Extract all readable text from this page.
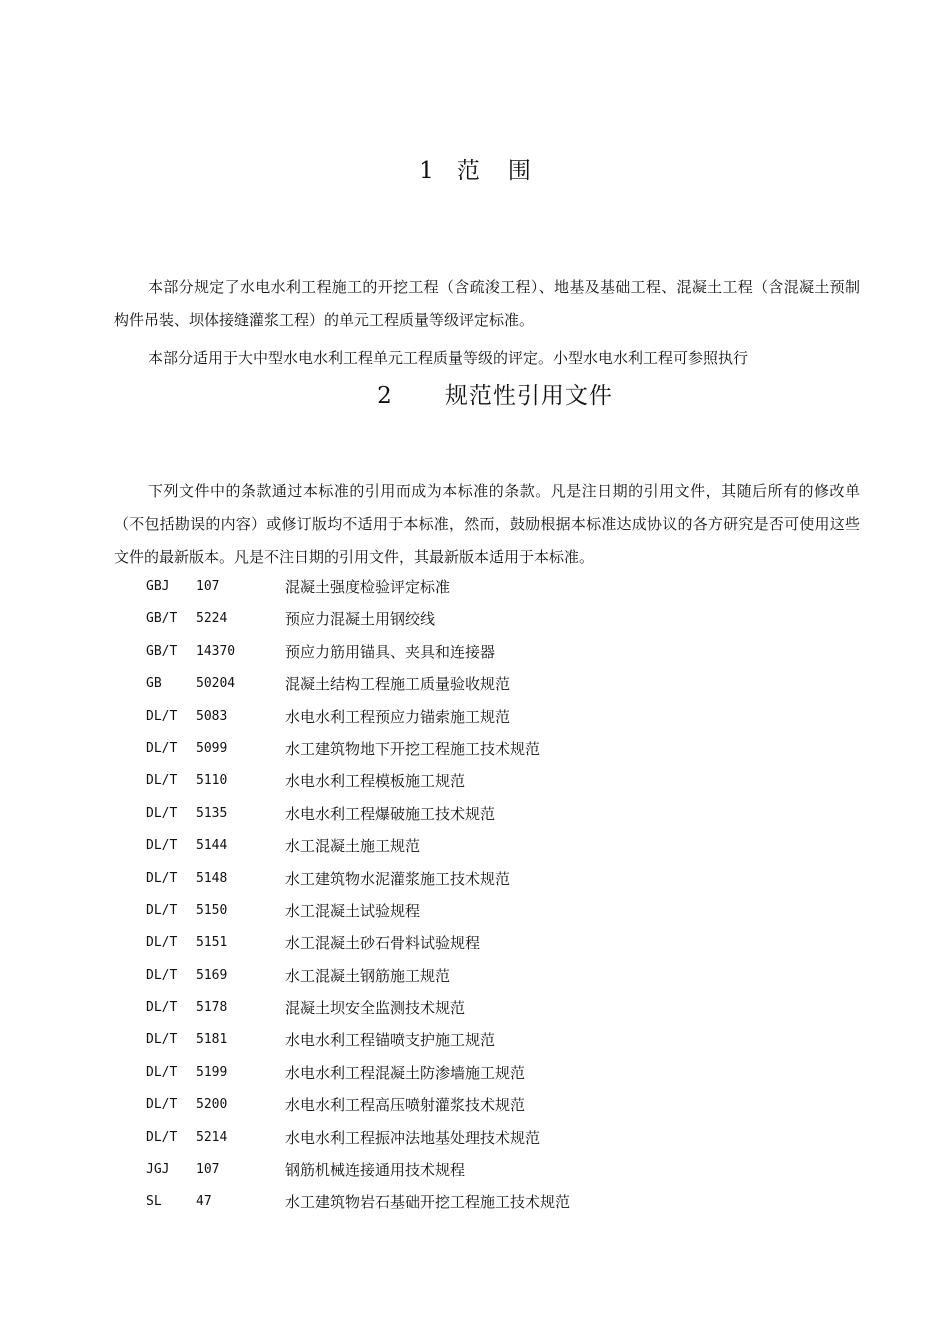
1 范围

本部分规定了水电水利工程施工的开挖工程（含疏浚工程）、地基及基础工程、混凝土工程（含混凝土预制构件吊装、坝体接缝灌浆工程）的单元工程质量等级评定标准。

本部分适用于大中型水电水利工程单元工程质量等级的评定。小型水电水利工程可参照执行

2 规范性引用文件

下列文件中的条款通过本标准的引用而成为本标准的条款。凡是注日期的引用文件，其随后所有的修改单（不包括勘误的内容）或修订版均不适用于本标准，然而，鼓励根据本标准达成协议的各方研究是否可使用这些文件的最新版本。凡是不注日期的引用文件，其最新版本适用于本标准。

GBJ 107	混凝土强度检验评定标准
GB/T 5224	预应力混凝土用钢绞线
GB/T 14370	预应力筋用锚具、夹具和连接器
GB	50204	混凝土结构工程施工质量验收规范
DL/T 5083	水电水利工程预应力锚索施工规范
DL/T 5099	水工建筑物地下开挖工程施工技术规范
DL/T 5110	水电水利工程模板施工规范
DL/T 5135	水电水利工程爆破施工技术规范
DL/T 5144	水工混凝土施工规范
DL/T 5148	水工建筑物水泥灌浆施工技术规范
DL/T 5150	水工混凝土试验规程
DL/T 5151	水工混凝土砂石骨料试验规程
DL/T 5169	水工混凝土钢筋施工规范
DL/T 5178	混凝土坝安全监测技术规范
DL/T 5181	水电水利工程锚喷支护施工规范
DL/T 5199	水电水利工程混凝土防渗墙施工规范
DL/T 5200	水电水利工程高压喷射灌浆技术规范
DL/T 5214	水电水利工程振冲法地基处理技术规范
JGJ 107	钢筋机械连接通用技术规程
SL	47	水工建筑物岩石基础开挖工程施工技术规范
